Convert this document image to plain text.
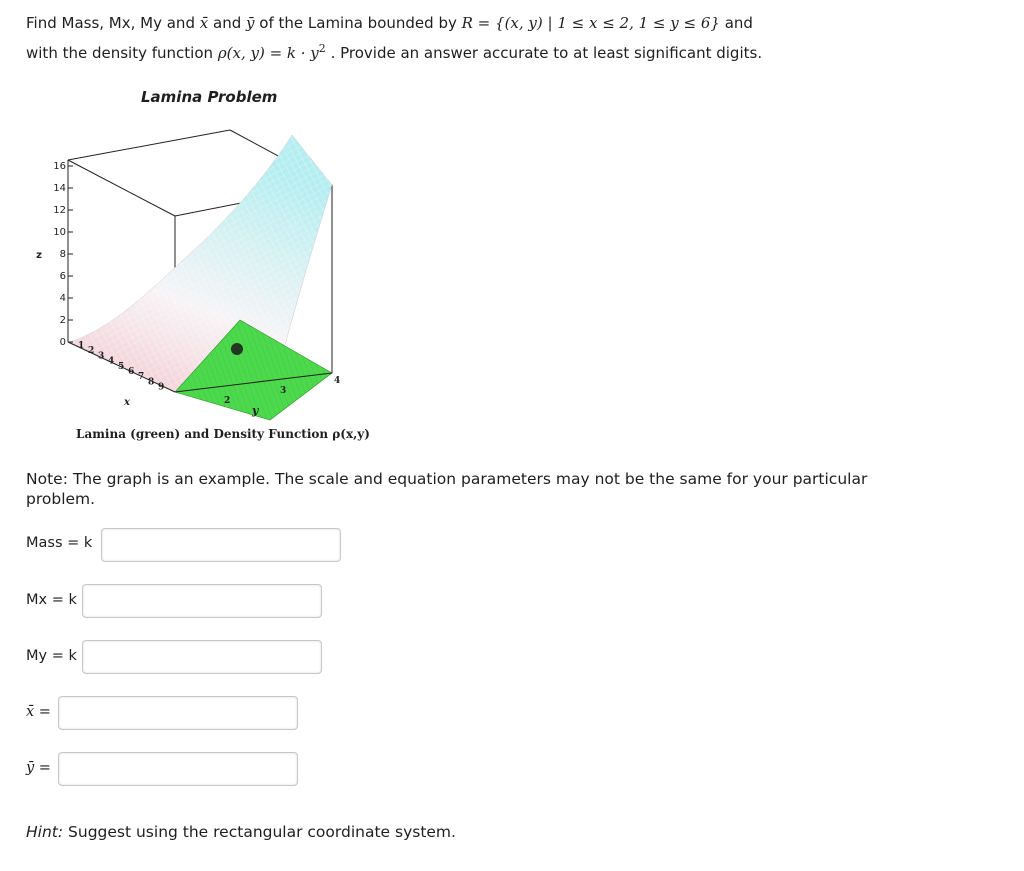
Find Mass, Mx, My and x̄ and ȳ of the Lamina bounded by R = {(x, y) | 1 ≤ x ≤ 2, 1 ≤ y ≤ 6} and
with the density function ρ(x, $y) = k \cdot y^2$ . Provide an answer accurate to at least significant digits.
Lamina Problem
16
14
12
10
8
6
4
2
0
z
1
2
3
4
5
6
7
8
9
x	2
3
4
y
Lamina (green) and Density Function ρ(x,y)
Note: The graph is an example. The scale and equation parameters may not be the same for your particular problem.
Mass = k
Mx = k
My = k
x̄ =
ȳ =
Hint: Suggest using the rectangular coordinate system.
